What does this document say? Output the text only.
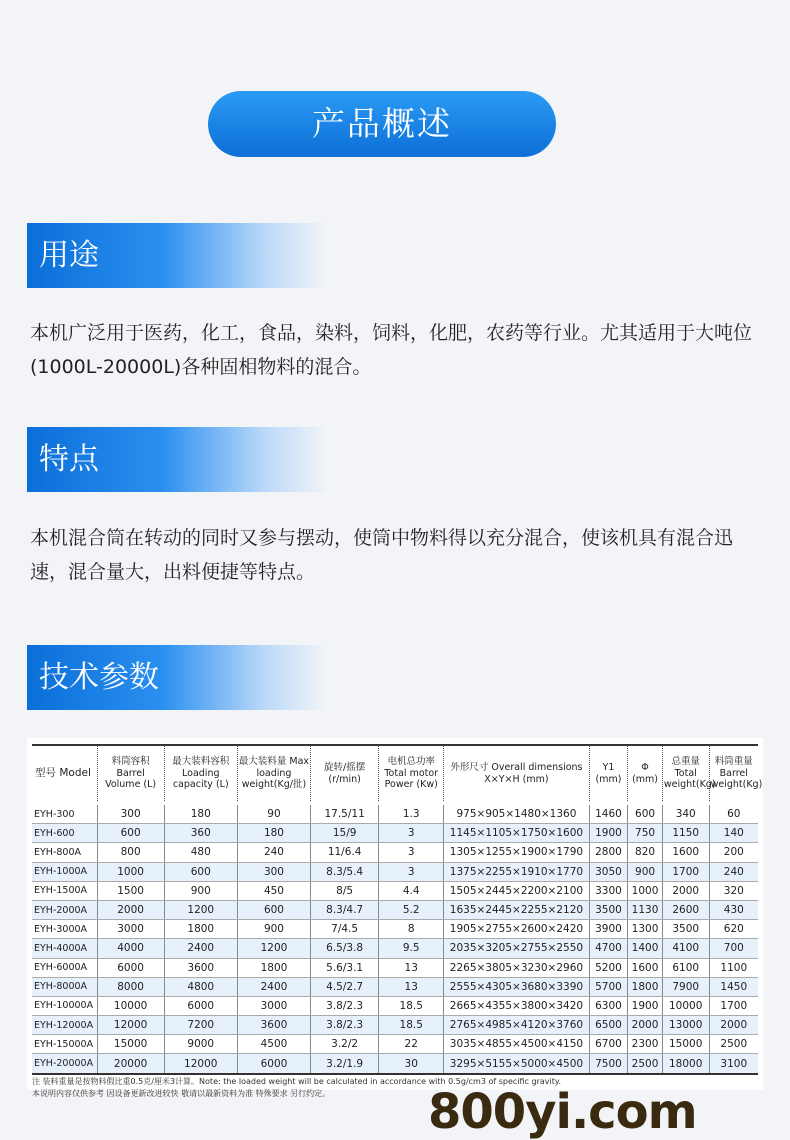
产品概述
用途
本机广泛用于医药，化工，食品，染料，饲料，化肥，农药等行业。尤其适用于大吨位(1000L-20000L)各种固相物料的混合。
特点
本机混合筒在转动的同时又参与摆动，使筒中物料得以充分混合，使该机具有混合迅速，混合量大，出料便捷等特点。
技术参数
型号 Model	料筒容积 Barrel Volume (L)	最大装料容积 Loading capacity (L)	最大装料量 Max loading weight(Kg/批)	旋转/摇摆 (r/min)	电机总功率 Total motor Power (Kw)	外形尺寸 Overall dimensions X×Y×H (mm)	Y1 (mm)	Φ (mm)	总重量 Total weight(Kg)	料筒重量 Barrel weight(Kg)
EYH-300	300	180	90	17.5/11	1.3	975×905×1480×1360	1460	600	340	60
EYH-600	600	360	180	15/9	3	1145×1105×1750×1600	1900	750	1150	140
EYH-800A	800	480	240	11/6.4	3	1305×1255×1900×1790	2800	820	1600	200
EYH-1000A	1000	600	300	8.3/5.4	3	1375×2255×1910×1770	3050	900	1700	240
EYH-1500A	1500	900	450	8/5	4.4	1505×2445×2200×2100	3300	1000	2000	320
EYH-2000A	2000	1200	600	8.3/4.7	5.2	1635×2445×2255×2120	3500	1130	2600	430
EYH-3000A	3000	1800	900	7/4.5	8	1905×2755×2600×2420	3900	1300	3500	620
EYH-4000A	4000	2400	1200	6.5/3.8	9.5	2035×3205×2755×2550	4700	1400	4100	700
EYH-6000A	6000	3600	1800	5.6/3.1	13	2265×3805×3230×2960	5200	1600	6100	1100
EYH-8000A	8000	4800	2400	4.5/2.7	13	2555×4305×3680×3390	5700	1800	7900	1450
EYH-10000A	10000	6000	3000	3.8/2.3	18.5	2665×4355×3800×3420	6300	1900	10000	1700
EYH-12000A	12000	7200	3600	3.8/2.3	18.5	2765×4985×4120×3760	6500	2000	13000	2000
EYH-15000A	15000	9000	4500	3.2/2	22	3035×4855×4500×4150	6700	2300	15000	2500
EYH-20000A	20000	12000	6000	3.2/1.9	30	3295×5155×5000×4500	7500	2500	18000	3100
注 装料重量是按物料假比重0.5克/厘米3计算。Note: the loaded weight will be calculated in accordance with 0.5g/cm3 of specific gravity.
本说明内容仅供参考 因设备更新改进较快 敬请以最新资料为准 特殊要求 另行约定。	800yi.com
